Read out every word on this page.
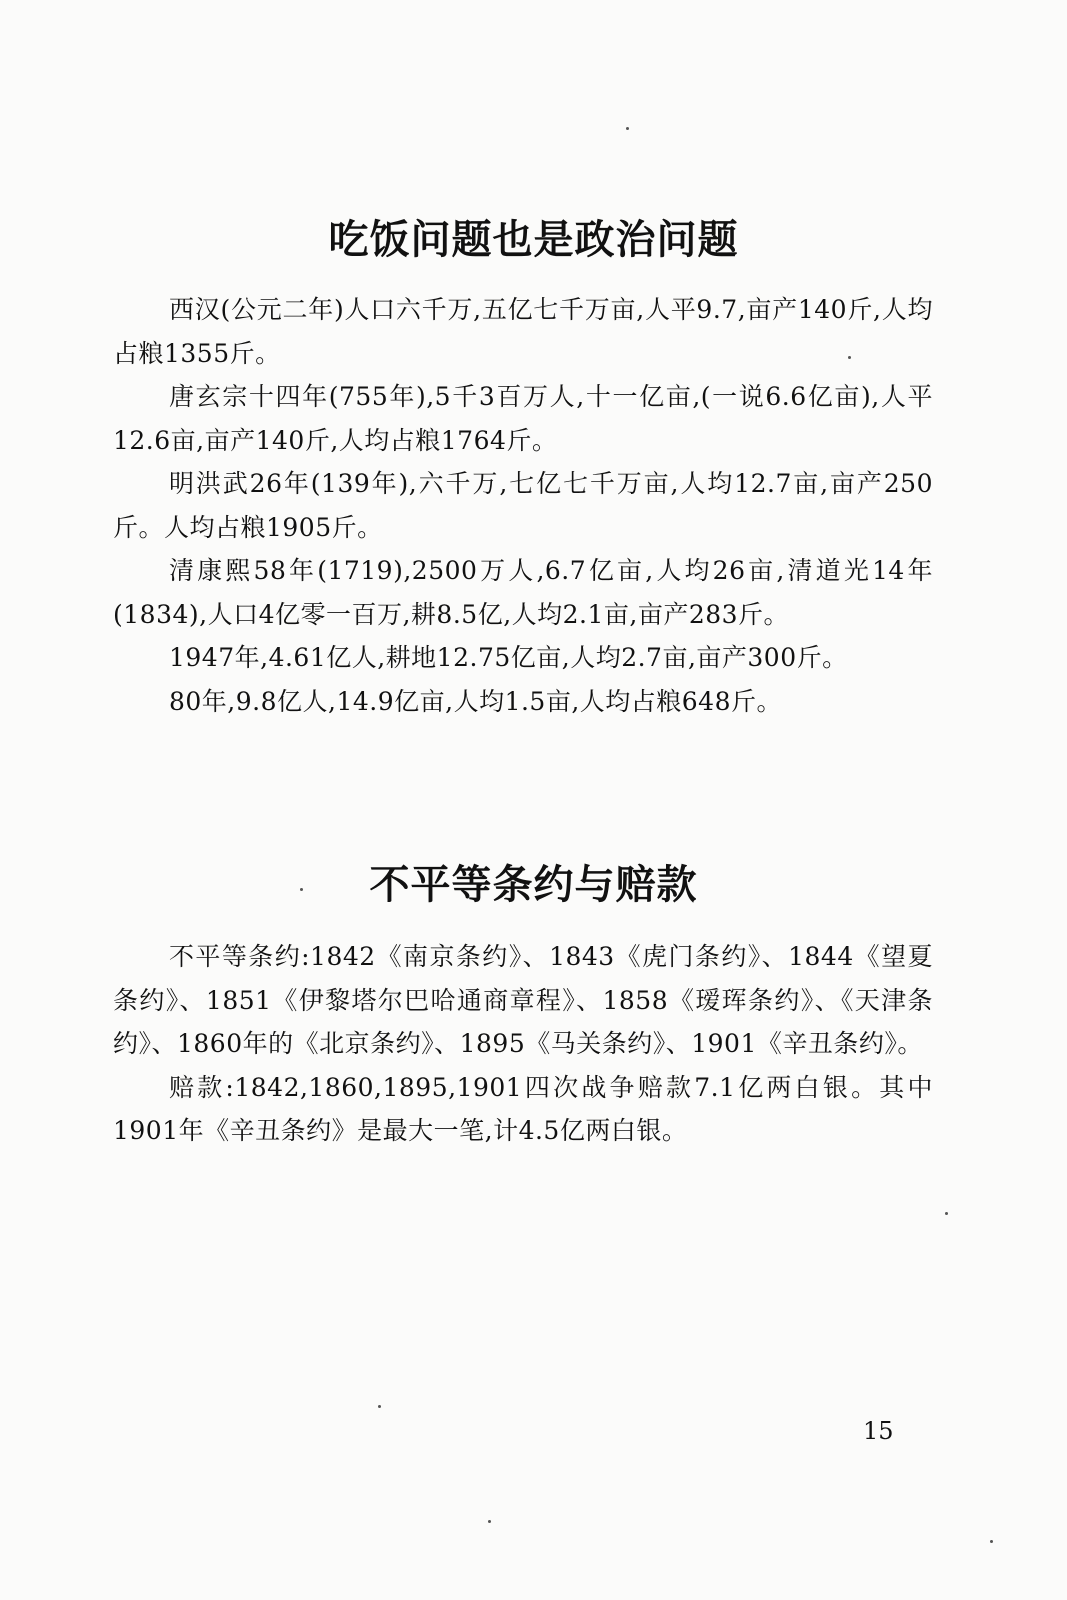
吃饭问题也是政治问题

西汉(公元二年)人口六千万,五亿七千万亩,人平9.7,亩产140斤,人均占粮1355斤。

唐玄宗十四年(755年),5千3百万人,十一亿亩,(一说6.6亿亩),人平12.6亩,亩产140斤,人均占粮1764斤。

明洪武26年(139年),六千万,七亿七千万亩,人均12.7亩,亩产250斤。人均占粮1905斤。

清康熙58年(1719),2500万人,6.7亿亩,人均26亩,清道光14年(1834),人口4亿零一百万,耕8.5亿,人均2.1亩,亩产283斤。

1947年,4.61亿人,耕地12.75亿亩,人均2.7亩,亩产300斤。

80年,9.8亿人,14.9亿亩,人均1.5亩,人均占粮648斤。

不平等条约与赔款

不平等条约:1842《南京条约》、1843《虎门条约》、1844《望夏条约》、1851《伊黎塔尔巴哈通商章程》、1858《瑷珲条约》、《天津条约》、1860年的《北京条约》、1895《马关条约》、1901《辛丑条约》。

赔款:1842,1860,1895,1901四次战争赔款7.1亿两白银。其中1901年《辛丑条约》是最大一笔,计4.5亿两白银。

15
